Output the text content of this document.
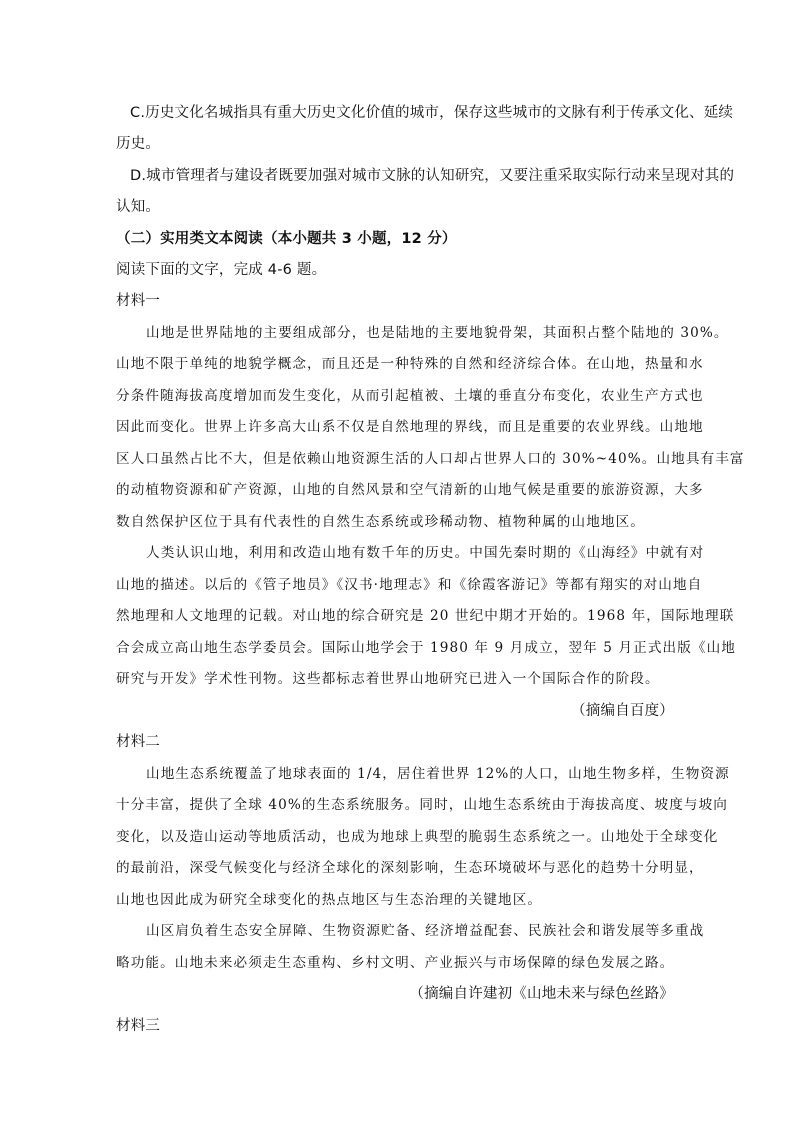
C.历史文化名城指具有重大历史文化价值的城市，保存这些城市的文脉有利于传承文化、延续
历史。
D.城市管理者与建设者既要加强对城市文脉的认知研究，又要注重采取实际行动来呈现对其的
认知。
（二）实用类文本阅读（本小题共 3 小题，12 分）
阅读下面的文字，完成 4-6 题。
材料一
山地是世界陆地的主要组成部分，也是陆地的主要地貌骨架，其面积占整个陆地的 30%。
山地不限于单纯的地貌学概念，而且还是一种特殊的自然和经济综合体。在山地，热量和水
分条件随海拔高度增加而发生变化，从而引起植被、土壤的垂直分布变化，农业生产方式也
因此而变化。世界上许多高大山系不仅是自然地理的界线，而且是重要的农业界线。山地地
区人口虽然占比不大，但是依赖山地资源生活的人口却占世界人口的 30%~40%。山地具有丰富
的动植物资源和矿产资源，山地的自然风景和空气清新的山地气候是重要的旅游资源，大多
数自然保护区位于具有代表性的自然生态系统或珍稀动物、植物种属的山地地区。
人类认识山地，利用和改造山地有数千年的历史。中国先秦时期的《山海经》中就有对
山地的描述。以后的《管子地员》《汉书·地理志》和《徐霞客游记》等都有翔实的对山地自
然地理和人文地理的记载。对山地的综合研究是 20 世纪中期才开始的。1968 年，国际地理联
合会成立高山地生态学委员会。国际山地学会于 1980 年 9 月成立，翌年 5 月正式出版《山地
研究与开发》学术性刊物。这些都标志着世界山地研究已进入一个国际合作的阶段。
（摘编自百度）
材料二
山地生态系统覆盖了地球表面的 1/4，居住着世界 12%的人口，山地生物多样，生物资源
十分丰富，提供了全球 40%的生态系统服务。同时，山地生态系统由于海拔高度、坡度与坡向
变化，以及造山运动等地质活动，也成为地球上典型的脆弱生态系统之一。山地处于全球变化
的最前沿，深受气候变化与经济全球化的深刻影响，生态环境破坏与恶化的趋势十分明显，
山地也因此成为研究全球变化的热点地区与生态治理的关键地区。
山区肩负着生态安全屏障、生物资源贮备、经济增益配套、民族社会和谐发展等多重战
略功能。山地未来必须走生态重构、乡村文明、产业振兴与市场保障的绿色发展之路。
（摘编自许建初《山地未来与绿色丝路》
材料三
